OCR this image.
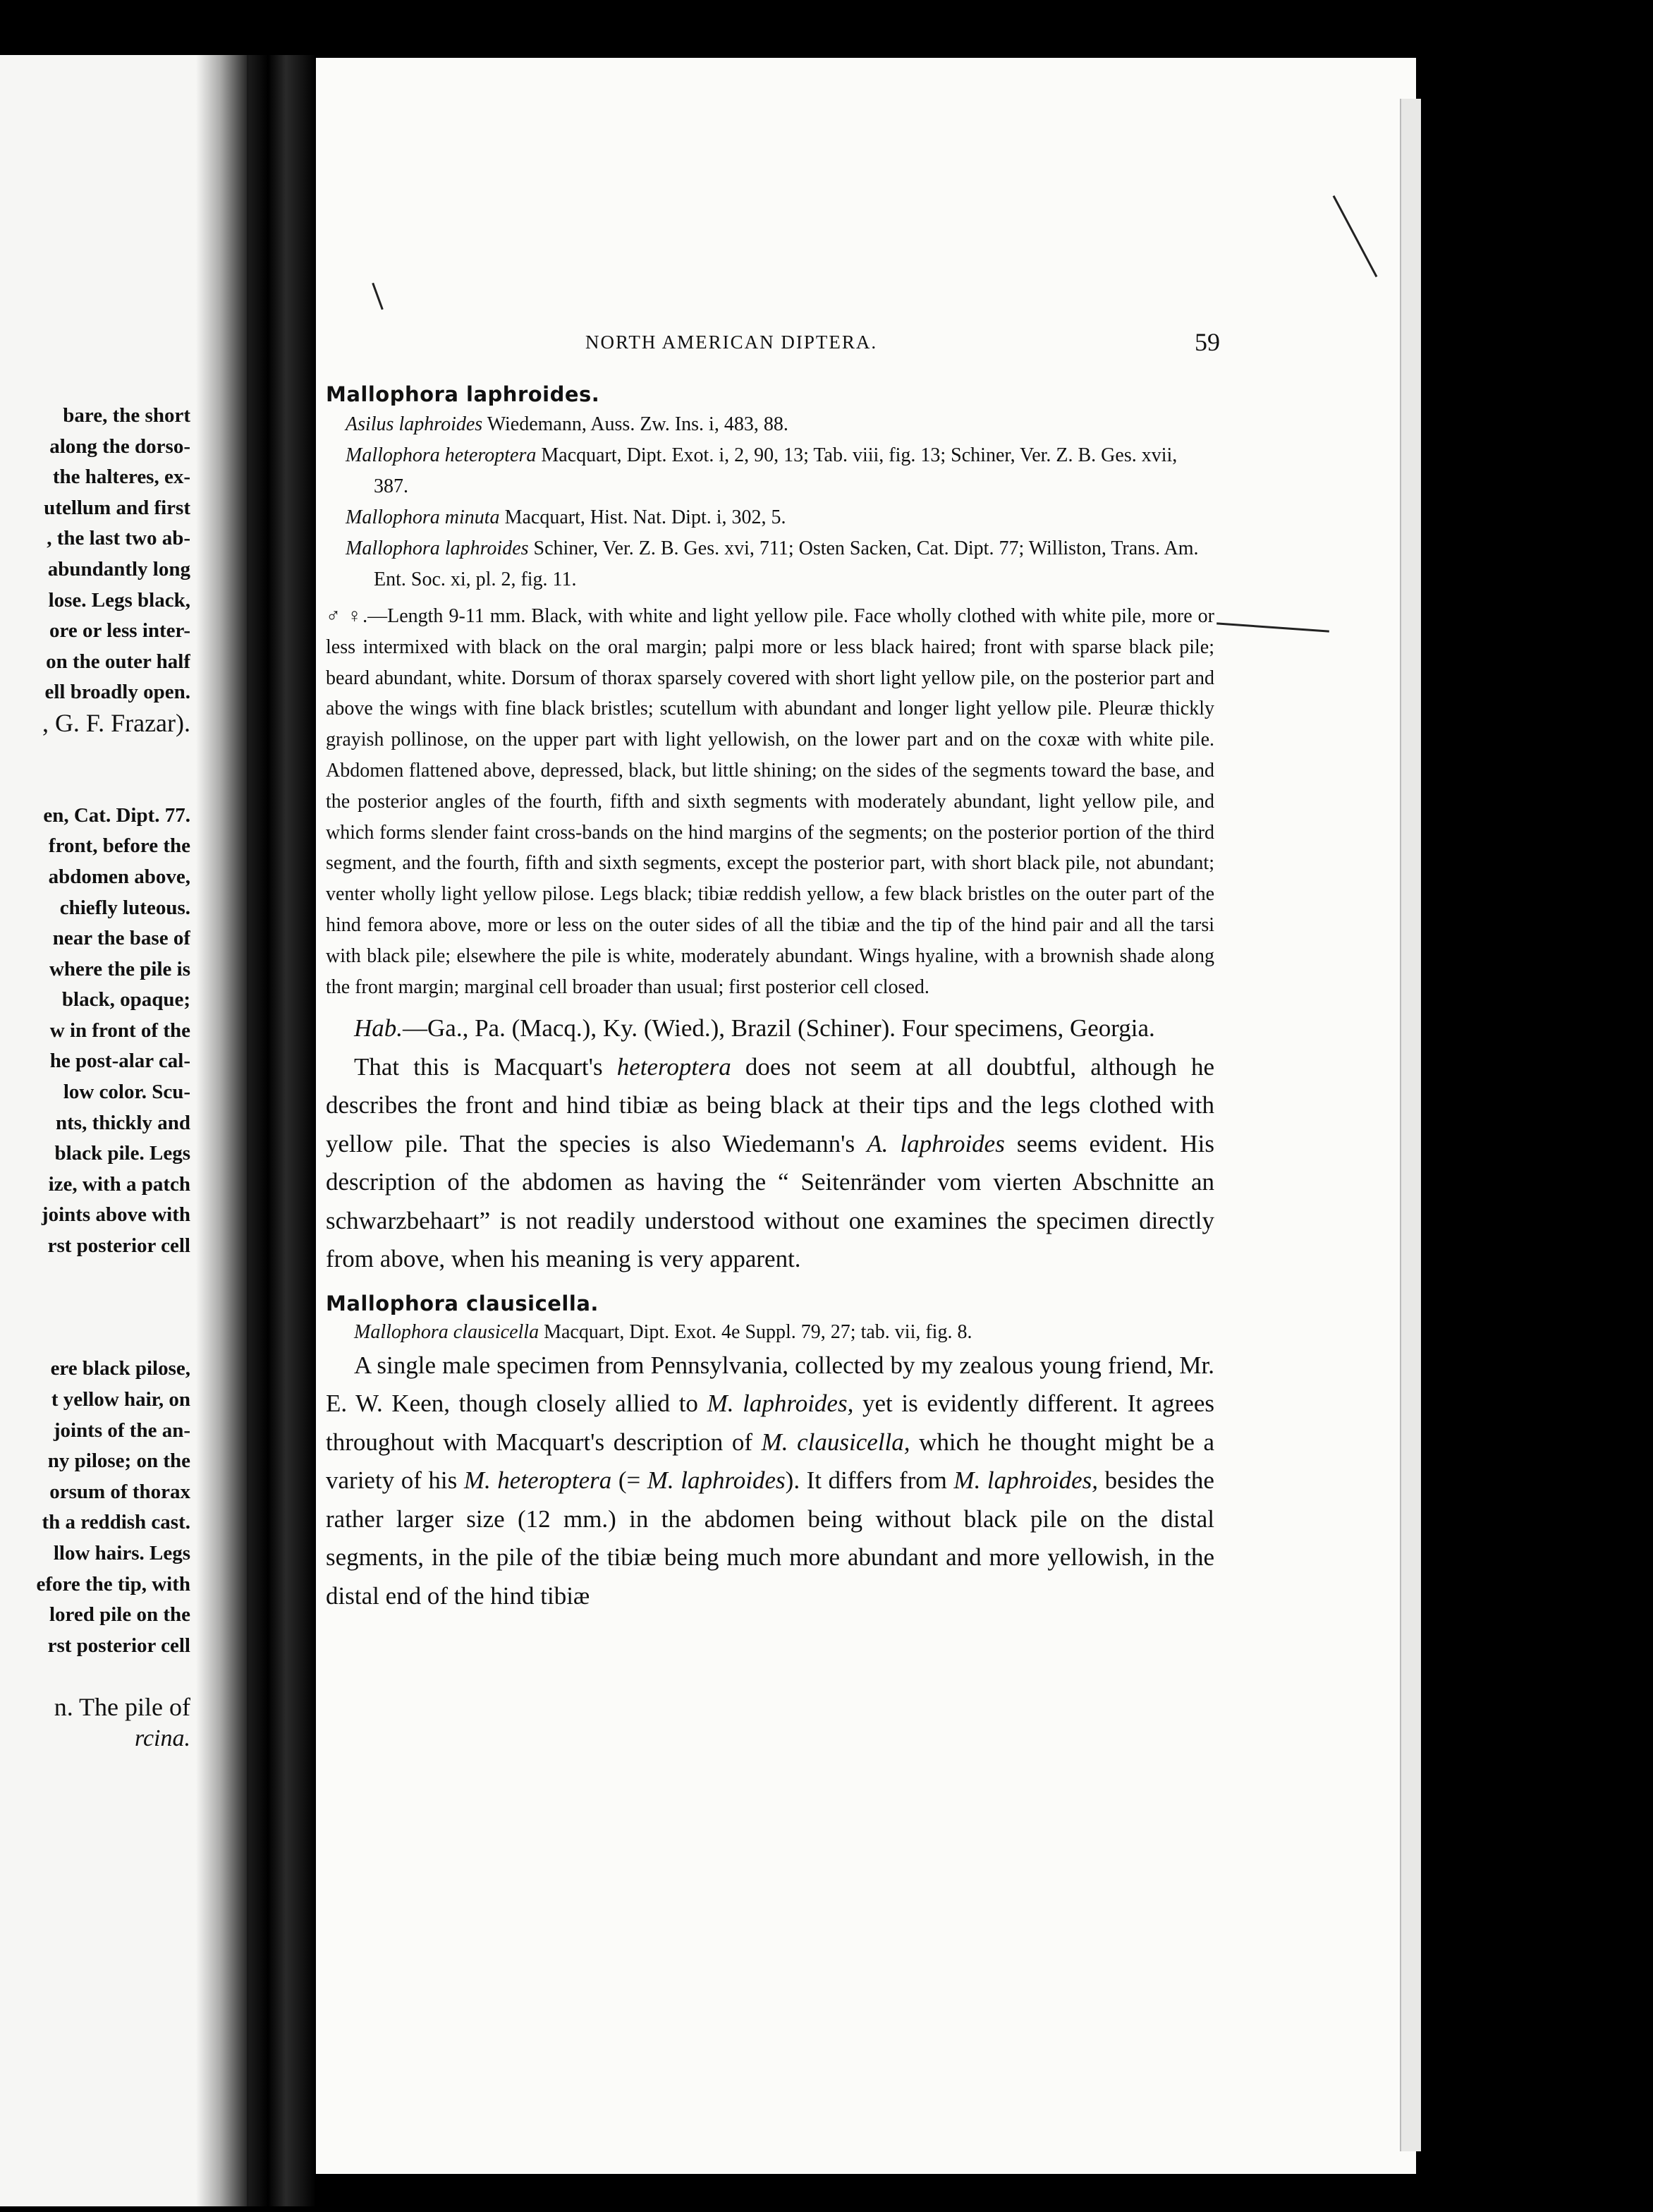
bare, the short
along the dorso-
the halteres, ex-
utellum and first
, the last two ab-
abundantly long
lose. Legs black,
ore or less inter-
on the outer half
ell broadly open.
, G. F. Frazar).

en, Cat. Dipt. 77.
front, before the
abdomen above,
chiefly luteous.
near the base of
where the pile is
black, opaque;
w in front of the
he post-alar cal-
low color. Scu-
nts, thickly and
black pile. Legs
ize, with a patch
joints above with
rst posterior cell

ere black pilose,
t yellow hair, on
joints of the an-
ny pilose; on the
orsum of thorax
th a reddish cast.
llow hairs. Legs
efore the tip, with
lored pile on the
rst posterior cell

n. The pile of
rcina.
NORTH AMERICAN DIPTERA.	59
Mallophora laphroides.

Asilus laphroides Wiedemann, Auss. Zw. Ins. i, 483, 88.

Mallophora heteroptera Macquart, Dipt. Exot. i, 2, 90, 13; Tab. viii, fig. 13; Schiner, Ver. Z. B. Ges. xvii, 387.

Mallophora minuta Macquart, Hist. Nat. Dipt. i, 302, 5.

Mallophora laphroides Schiner, Ver. Z. B. Ges. xvi, 711; Osten Sacken, Cat. Dipt. 77; Williston, Trans. Am. Ent. Soc. xi, pl. 2, fig. 11.

♂ ♀.—Length 9-11 mm. Black, with white and light yellow pile. Face wholly clothed with white pile, more or less intermixed with black on the oral margin; palpi more or less black haired; front with sparse black pile; beard abundant, white. Dorsum of thorax sparsely covered with short light yellow pile, on the posterior part and above the wings with fine black bristles; scutellum with abundant and longer light yellow pile. Pleuræ thickly grayish pollinose, on the upper part with light yellowish, on the lower part and on the coxæ with white pile. Abdomen flattened above, depressed, black, but little shining; on the sides of the segments toward the base, and the posterior angles of the fourth, fifth and sixth segments with moderately abundant, light yellow pile, and which forms slender faint cross-bands on the hind margins of the segments; on the posterior portion of the third segment, and the fourth, fifth and sixth segments, except the posterior part, with short black pile, not abundant; venter wholly light yellow pilose. Legs black; tibiæ reddish yellow, a few black bristles on the outer part of the hind femora above, more or less on the outer sides of all the tibiæ and the tip of the hind pair and all the tarsi with black pile; elsewhere the pile is white, moderately abundant. Wings hyaline, with a brownish shade along the front margin; marginal cell broader than usual; first posterior cell closed.

Hab.—Ga., Pa. (Macq.), Ky. (Wied.), Brazil (Schiner). Four specimens, Georgia.

That this is Macquart's heteroptera does not seem at all doubtful, although he describes the front and hind tibiæ as being black at their tips and the legs clothed with yellow pile. That the species is also Wiedemann's A. laphroides seems evident. His description of the abdomen as having the “ Seitenränder vom vierten Abschnitte an schwarzbehaart” is not readily understood without one examines the specimen directly from above, when his meaning is very apparent.

Mallophora clausicella.

Mallophora clausicella Macquart, Dipt. Exot. 4e Suppl. 79, 27; tab. vii, fig. 8.

A single male specimen from Pennsylvania, collected by my zealous young friend, Mr. E. W. Keen, though closely allied to M. laphroides, yet is evidently different. It agrees throughout with Macquart's description of M. clausicella, which he thought might be a variety of his M. heteroptera (= M. laphroides). It differs from M. laphroides, besides the rather larger size (12 mm.) in the abdomen being without black pile on the distal segments, in the pile of the tibiæ being much more abundant and more yellowish, in the distal end of the hind tibiæ
